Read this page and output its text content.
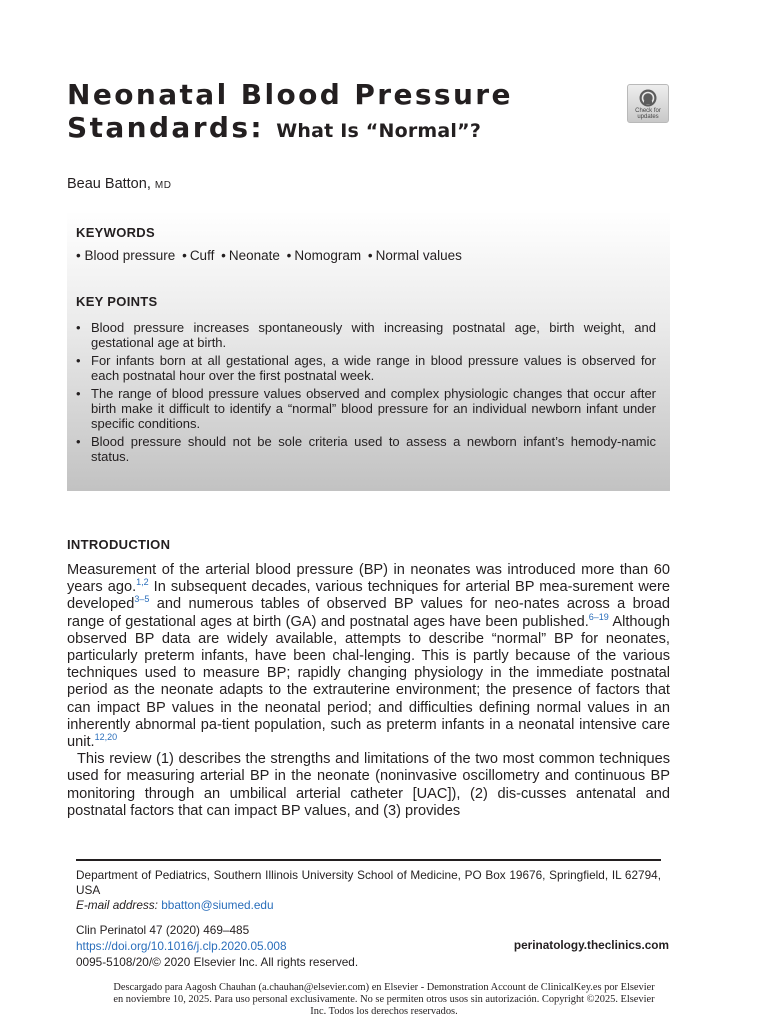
Neonatal Blood Pressure Standards: What Is “Normal”?
Check for updates
Beau Batton, MD
KEYWORDS

• Blood pressure • Cuff • Neonate • Nomogram • Normal values

KEY POINTS
• Blood pressure increases spontaneously with increasing postnatal age, birth weight, and gestational age at birth.
• For infants born at all gestational ages, a wide range in blood pressure values is observed for each postnatal hour over the first postnatal week.
• The range of blood pressure values observed and complex physiologic changes that occur after birth make it difficult to identify a “normal” blood pressure for an individual newborn infant under specific conditions.
• Blood pressure should not be sole criteria used to assess a newborn infant’s hemody-namic status.
INTRODUCTION

Measurement of the arterial blood pressure (BP) in neonates was introduced more than 60 years ago.$^{1,2}$ In subsequent decades, various techniques for arterial BP mea-surement were developed$^{3-5}$ and numerous tables of observed BP values for neo-nates across a broad range of gestational ages at birth (GA) and postnatal ages have been published.$^{6-19}$ Although observed BP data are widely available, attempts to describe “normal” BP for neonates, particularly preterm infants, have been chal-lenging. This is partly because of the various techniques used to measure BP; rapidly changing physiology in the immediate postnatal period as the neonate adapts to the extrauterine environment; the presence of factors that can impact BP values in the neonatal period; and difficulties defining normal values in an inherently abnormal pa-tient population, such as preterm infants in a neonatal intensive care unit.$^{12,20}$

This review (1) describes the strengths and limitations of the two most common techniques used for measuring arterial BP in the neonate (noninvasive oscillometry and continuous BP monitoring through an umbilical arterial catheter [UAC]), (2) dis-cusses antenatal and postnatal factors that can impact BP values, and (3) provides

Department of Pediatrics, Southern Illinois University School of Medicine, PO Box 19676, Springfield, IL 62794, USA

E-mail address: bbatton@siumed.edu
Clin Perinatol 47 (2020) 469–485
https://doi.org/10.1016/j.clp.2020.05.008
0095-5108/20/© 2020 Elsevier Inc. All rights reserved.
perinatology.theclinics.com
Descargado para Aagosh Chauhan (a.chauhan@elsevier.com) en Elsevier - Demonstration Account de ClinicalKey.es por Elsevier en noviembre 10, 2025. Para uso personal exclusivamente. No se permiten otros usos sin autorización. Copyright ©2025. Elsevier Inc. Todos los derechos reservados.
